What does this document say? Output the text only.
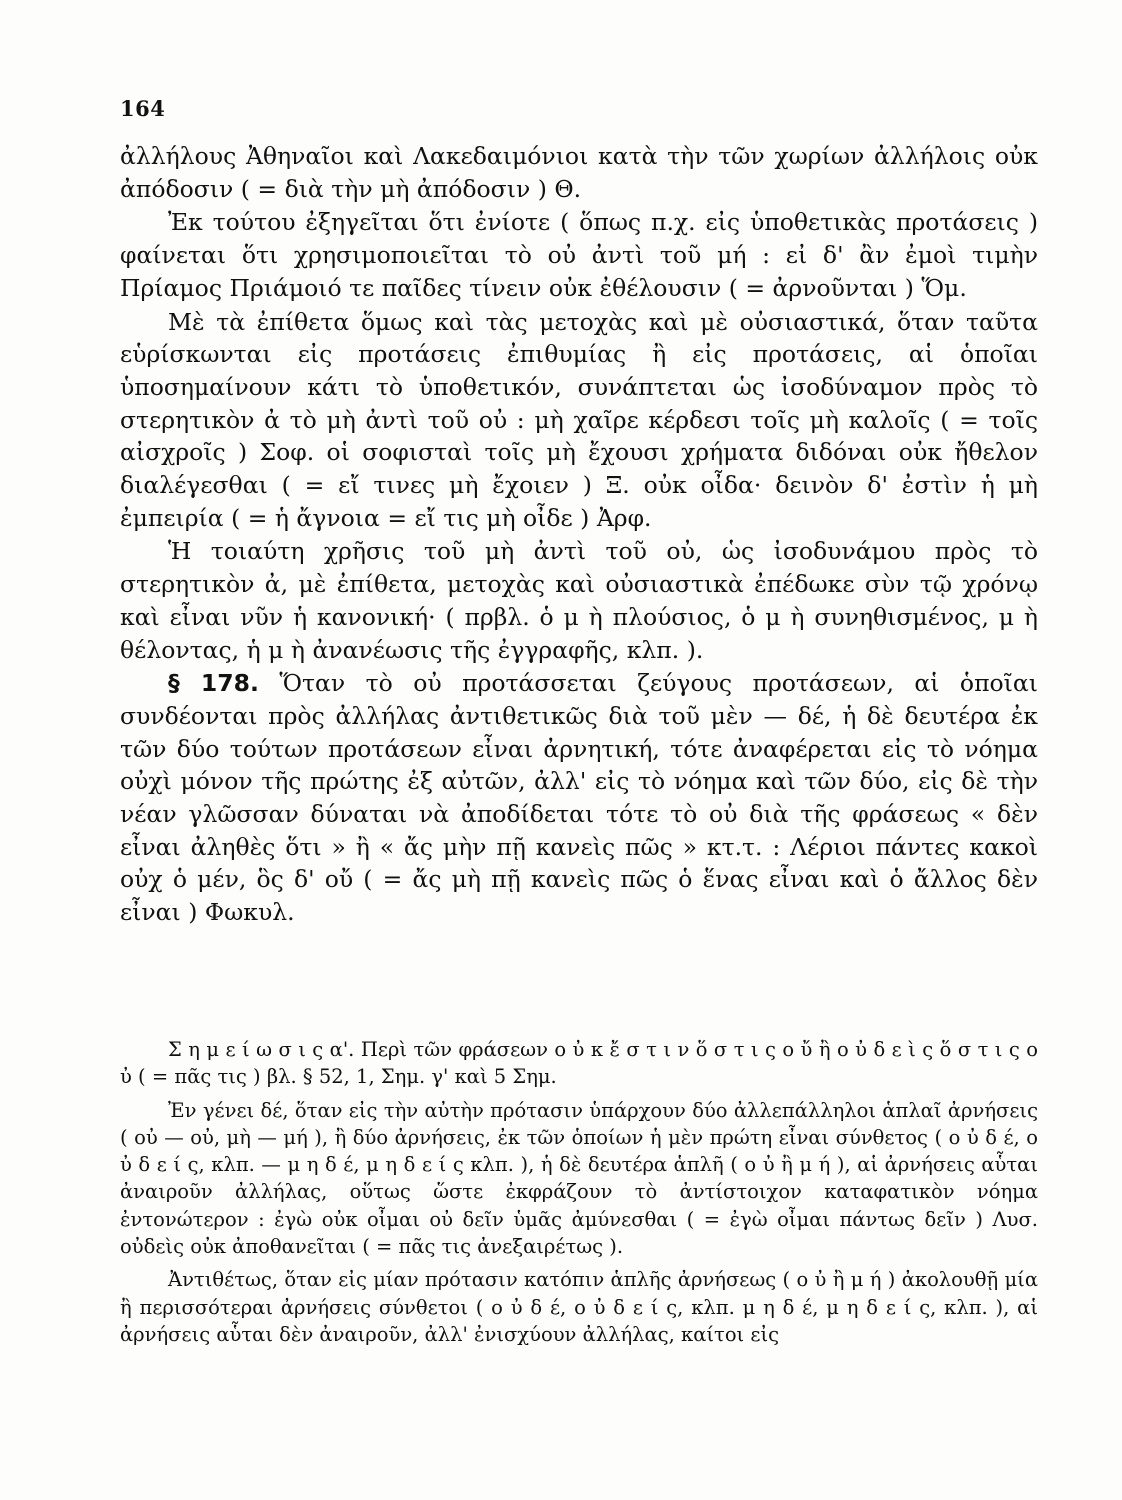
164

ἀλλήλους Ἀθηναῖοι καὶ Λακεδαιμόνιοι κατὰ τὴν τῶν χωρίων ἀλλήλοις οὐκ ἀπόδοσιν ( = διὰ τὴν μὴ ἀπόδοσιν ) Θ.

Ἐκ τούτου ἐξηγεῖται ὅτι ἐνίοτε ( ὅπως π.χ. εἰς ὑποθετικὰς προτάσεις ) φαίνεται ὅτι χρησιμοποιεῖται τὸ οὐ ἀντὶ τοῦ μή : εἰ δ' ἂν ἐμοὶ τιμὴν Πρίαμος Πριάμοιό τε παῖδες τίνειν οὐκ ἐθέλουσιν ( = ἀρνοῦνται ) Ὅμ.

Μὲ τὰ ἐπίθετα ὅμως καὶ τὰς μετοχὰς καὶ μὲ οὐσιαστικά, ὅταν ταῦτα εὑρίσκωνται εἰς προτάσεις ἐπιθυμίας ἢ εἰς προτάσεις, αἱ ὁποῖαι ὑποσημαίνουν κάτι τὸ ὑποθετικόν, συνάπτεται ὡς ἰσοδύναμον πρὸς τὸ στερητικὸν ἀ τὸ μὴ ἀντὶ τοῦ οὐ : μὴ χαῖρε κέρδεσι τοῖς μὴ καλοῖς ( = τοῖς αἰσχροῖς ) Σοφ. οἱ σοφισταὶ τοῖς μὴ ἔχουσι χρήματα διδόναι οὐκ ἤθελον διαλέγεσθαι ( = εἴ τινες μὴ ἔχοιεν ) Ξ. οὐκ οἶδα· δεινὸν δ' ἐστὶν ἡ μὴ ἐμπειρία ( = ἡ ἄγνοια = εἴ τις μὴ οἶδε ) Ἀρφ.

Ἡ τοιαύτη χρῆσις τοῦ μὴ ἀντὶ τοῦ οὐ, ὡς ἰσοδυνάμου πρὸς τὸ στερητικὸν ἀ, μὲ ἐπίθετα, μετοχὰς καὶ οὐσιαστικὰ ἐπέδωκε σὺν τῷ χρόνῳ καὶ εἶναι νῦν ἡ κανονική· ( πρβλ. ὁ μ ὴ πλούσιος, ὁ μ ὴ συνηθισμένος, μ ὴ θέλοντας, ἡ μ ὴ ἀνανέωσις τῆς ἐγγραφῆς, κλπ. ).

§ 178. Ὅταν τὸ οὐ προτάσσεται ζεύγους προτάσεων, αἱ ὁποῖαι συνδέονται πρὸς ἀλλήλας ἀντιθετικῶς διὰ τοῦ μὲν — δέ, ἡ δὲ δευτέρα ἐκ τῶν δύο τούτων προτάσεων εἶναι ἀρνητική, τότε ἀναφέρεται εἰς τὸ νόημα οὐχὶ μόνον τῆς πρώτης ἐξ αὐτῶν, ἀλλ' εἰς τὸ νόημα καὶ τῶν δύο, εἰς δὲ τὴν νέαν γλῶσσαν δύναται νὰ ἀποδίδεται τότε τὸ οὐ διὰ τῆς φράσεως « δὲν εἶναι ἀληθὲς ὅτι » ἢ « ἄς μὴν πῇ κανεὶς πῶς » κτ.τ. : Λέριοι πάντες κακοὶ οὐχ ὁ μέν, ὃς δ' οὔ ( = ἄς μὴ πῇ κανεὶς πῶς ὁ ἕνας εἶναι καὶ ὁ ἄλλος δὲν εἶναι ) Φωκυλ.

Σ η μ ε ί ω σ ι ς α'. Περὶ τῶν φράσεων ο ὐ κ ἔ σ τ ι ν ὅ σ τ ι ς ο ὔ ἢ ο ὐ δ ε ὶ ς ὅ σ τ ι ς ο ὐ ( = πᾶς τις ) βλ. § 52, 1, Σημ. γ' καὶ 5 Σημ.

Ἐν γένει δέ, ὅταν εἰς τὴν αὐτὴν πρότασιν ὑπάρχουν δύο ἀλλεπάλληλοι ἁπλαῖ ἀρνήσεις ( οὐ — οὐ, μὴ — μή ), ἢ δύο ἀρνήσεις, ἐκ τῶν ὁποίων ἡ μὲν πρώτη εἶναι σύνθετος ( ο ὐ δ έ, ο ὐ δ ε ί ς, κλπ. — μ η δ έ, μ η δ ε ί ς κλπ. ), ἡ δὲ δευτέρα ἁπλῆ ( ο ὐ ἢ μ ή ), αἱ ἀρνήσεις αὗται ἀναιροῦν ἀλλήλας, οὕτως ὥστε ἐκφράζουν τὸ ἀντίστοιχον καταφατικὸν νόημα ἐντονώτερον : ἐγὼ οὐκ οἶμαι οὐ δεῖν ὑμᾶς ἀμύνεσθαι ( = ἐγὼ οἶμαι πάντως δεῖν ) Λυσ. οὐδεὶς οὐκ ἀποθανεῖται ( = πᾶς τις ἀνεξαιρέτως ).

Ἀντιθέτως, ὅταν εἰς μίαν πρότασιν κατόπιν ἁπλῆς ἀρνήσεως ( ο ὐ ἢ μ ή ) ἀκολουθῇ μία ἢ περισσότεραι ἀρνήσεις σύνθετοι ( ο ὐ δ έ, ο ὐ δ ε ί ς, κλπ. μ η δ έ, μ η δ ε ί ς, κλπ. ), αἱ ἀρνήσεις αὗται δὲν ἀναιροῦν, ἀλλ' ἐνισχύουν ἀλλήλας, καίτοι εἰς
